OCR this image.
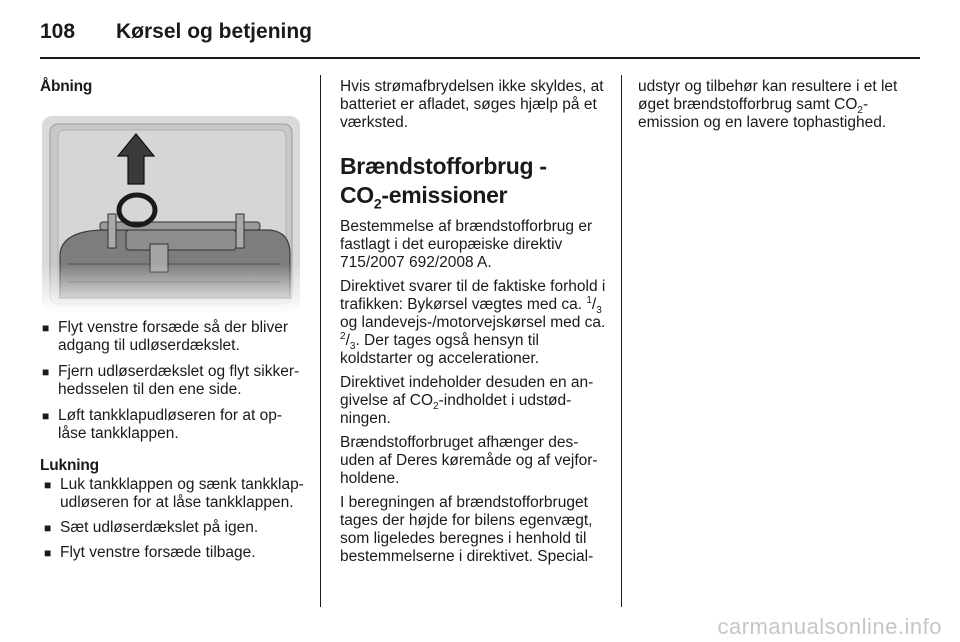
108 Kørsel og betjening
Åbning
■ Flyt venstre forsæde så der bliver adgang til udløserdækslet.
■ Fjern udløserdækslet og flyt sikker-hedsselen til den ene side.
■ Løft tankklapudløseren for at op-låse tankklappen.
Lukning
■ Luk tankklappen og sænk tankklap-udløseren for at låse tankklappen.
■ Sæt udløserdækslet på igen.
■ Flyt venstre forsæde tilbage.

Hvis strømafbrydelsen ikke skyldes, at batteriet er afladet, søges hjælp på et værksted.

Brændstofforbrug -
$CO_2$-emissioner

Bestemmelse af brændstofforbrug er fastlagt i det europæiske direktiv 715/2007 692/2008 A.

Direktivet svarer til de faktiske forhold i trafikken: Bykørsel vægtes med ca. $^1/_3$ og landevejs-/motorvejskørsel med ca. $^2/_3$. Der tages også hensyn til koldstarter og accelerationer.

Direktivet indeholder desuden en an-givelse af $CO_2$-indholdet i udstød-ningen.

Brændstofforbruget afhænger des-uden af Deres køremåde og af vejfor-holdene.

I beregningen af brændstofforbruget tages der højde for bilens egenvægt, som ligeledes beregnes i henhold til bestemmelserne i direktivet. Special-

udstyr og tilbehør kan resultere i et let øget brændstofforbrug samt $CO_2$-emission og en lavere tophastighed.

carmanualsonline.info
